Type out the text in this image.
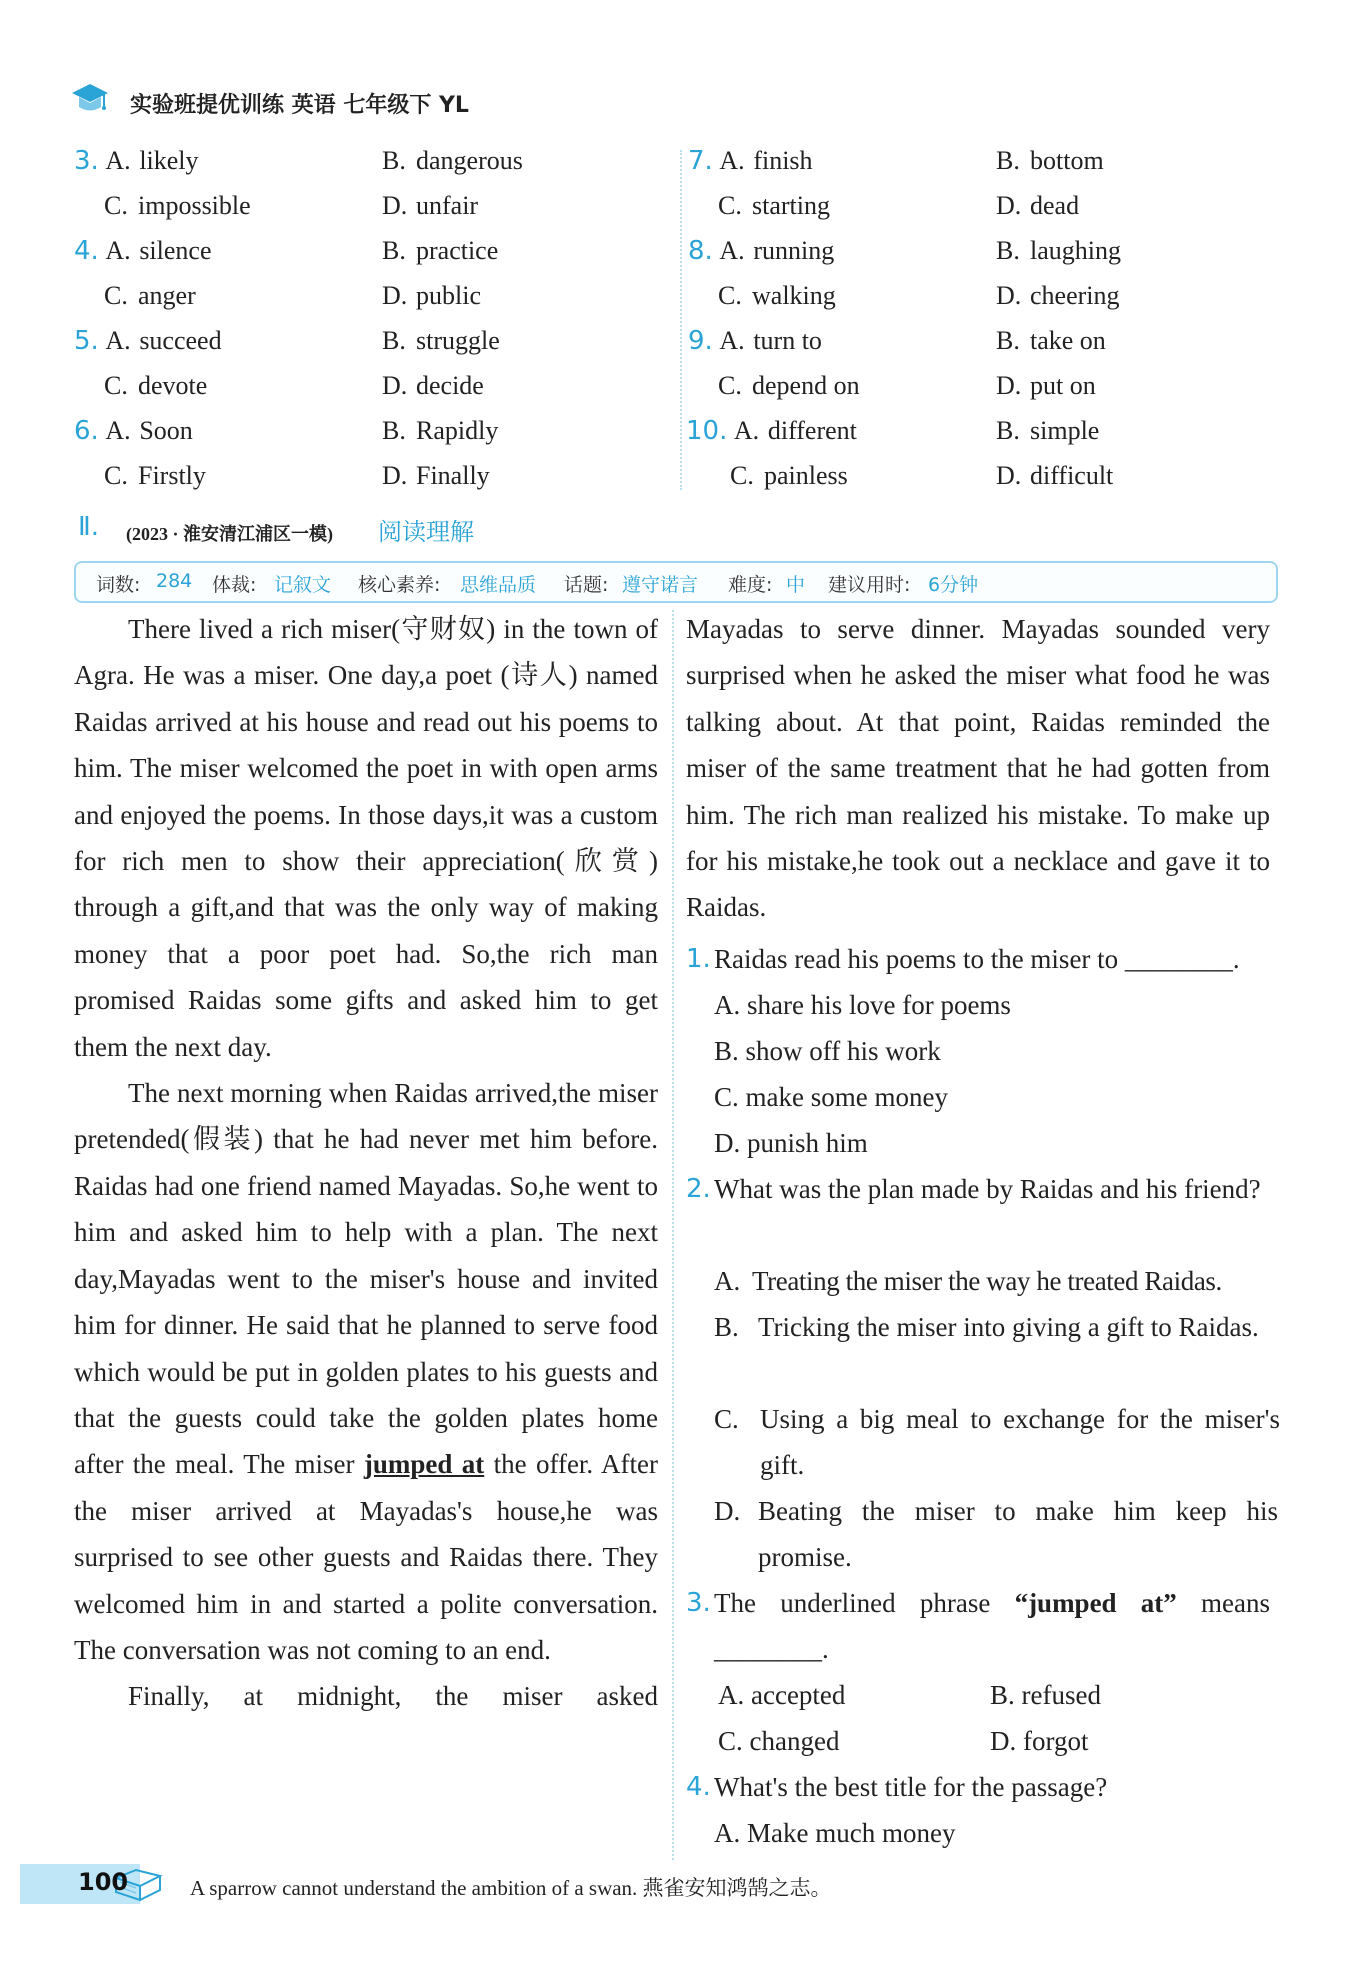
实验班提优训练 英语 七年级下 YL
3. A. likely	B. dangerous
C. impossible	D. unfair
4. A. silence	B. practice
C. anger	D. public
5. A. succeed	B. struggle
C. devote	D. decide
6. A. Soon	B. Rapidly
C. Firstly	D. Finally
7. A. finish	B. bottom
C. starting	D. dead
8. A. running	B. laughing
C. walking	D. cheering
9. A. turn to	B. take on
C. depend on	D. put on
10. A. different	B. simple
C. painless	D. difficult
Ⅱ. (2023 · 淮安清江浦区一模) 阅读理解
词数: 284 体裁: 记叙文 核心素养: 思维品质 话题: 遵守诺言 难度: 中 建议用时: 6分钟

There lived a rich miser(守财奴) in the town of Agra. He was a miser. One day,a poet (诗人) named Raidas arrived at his house and read out his poems to him. The miser welcomed the poet in with open arms and enjoyed the poems. In those days,it was a custom for rich men to show their appreciation(欣赏) through a gift,and that was the only way of making money that a poor poet had. So,the rich man promised Raidas some gifts and asked him to get them the next day.

The next morning when Raidas arrived,the miser pretended(假装) that he had never met him before. Raidas had one friend named Mayadas. So,he went to him and asked him to help with a plan. The next day,Mayadas went to the miser's house and invited him for dinner. He said that he planned to serve food which would be put in golden plates to his guests and that the guests could take the golden plates home after the meal. The miser jumped at the offer. After the miser arrived at Mayadas's house,he was surprised to see other guests and Raidas there. They welcomed him in and started a polite conversation. The conversation was not coming to an end.

Finally, at midnight, the miser asked

Mayadas to serve dinner. Mayadas sounded very surprised when he asked the miser what food he was talking about. At that point, Raidas reminded the miser of the same treatment that he had gotten from him. The rich man realized his mistake. To make up for his mistake,he took out a necklace and gave it to Raidas.

1. Raidas read his poems to the miser to ________.
A. share his love for poems
B. show off his work
C. make some money
D. punish him
2. What was the plan made by Raidas and his friend?
A. Treating the miser the way he treated Raidas.
B. Tricking the miser into giving a gift to Raidas.
C. Using a big meal to exchange for the miser's gift.
D. Beating the miser to make him keep his promise.
3. The underlined phrase “jumped at” means
________.
A. accepted	B. refused
C. changed	D. forgot
4. What's the best title for the passage?
A. Make much money
100	A sparrow cannot understand the ambition of a swan. 燕雀安知鸿鹄之志。
